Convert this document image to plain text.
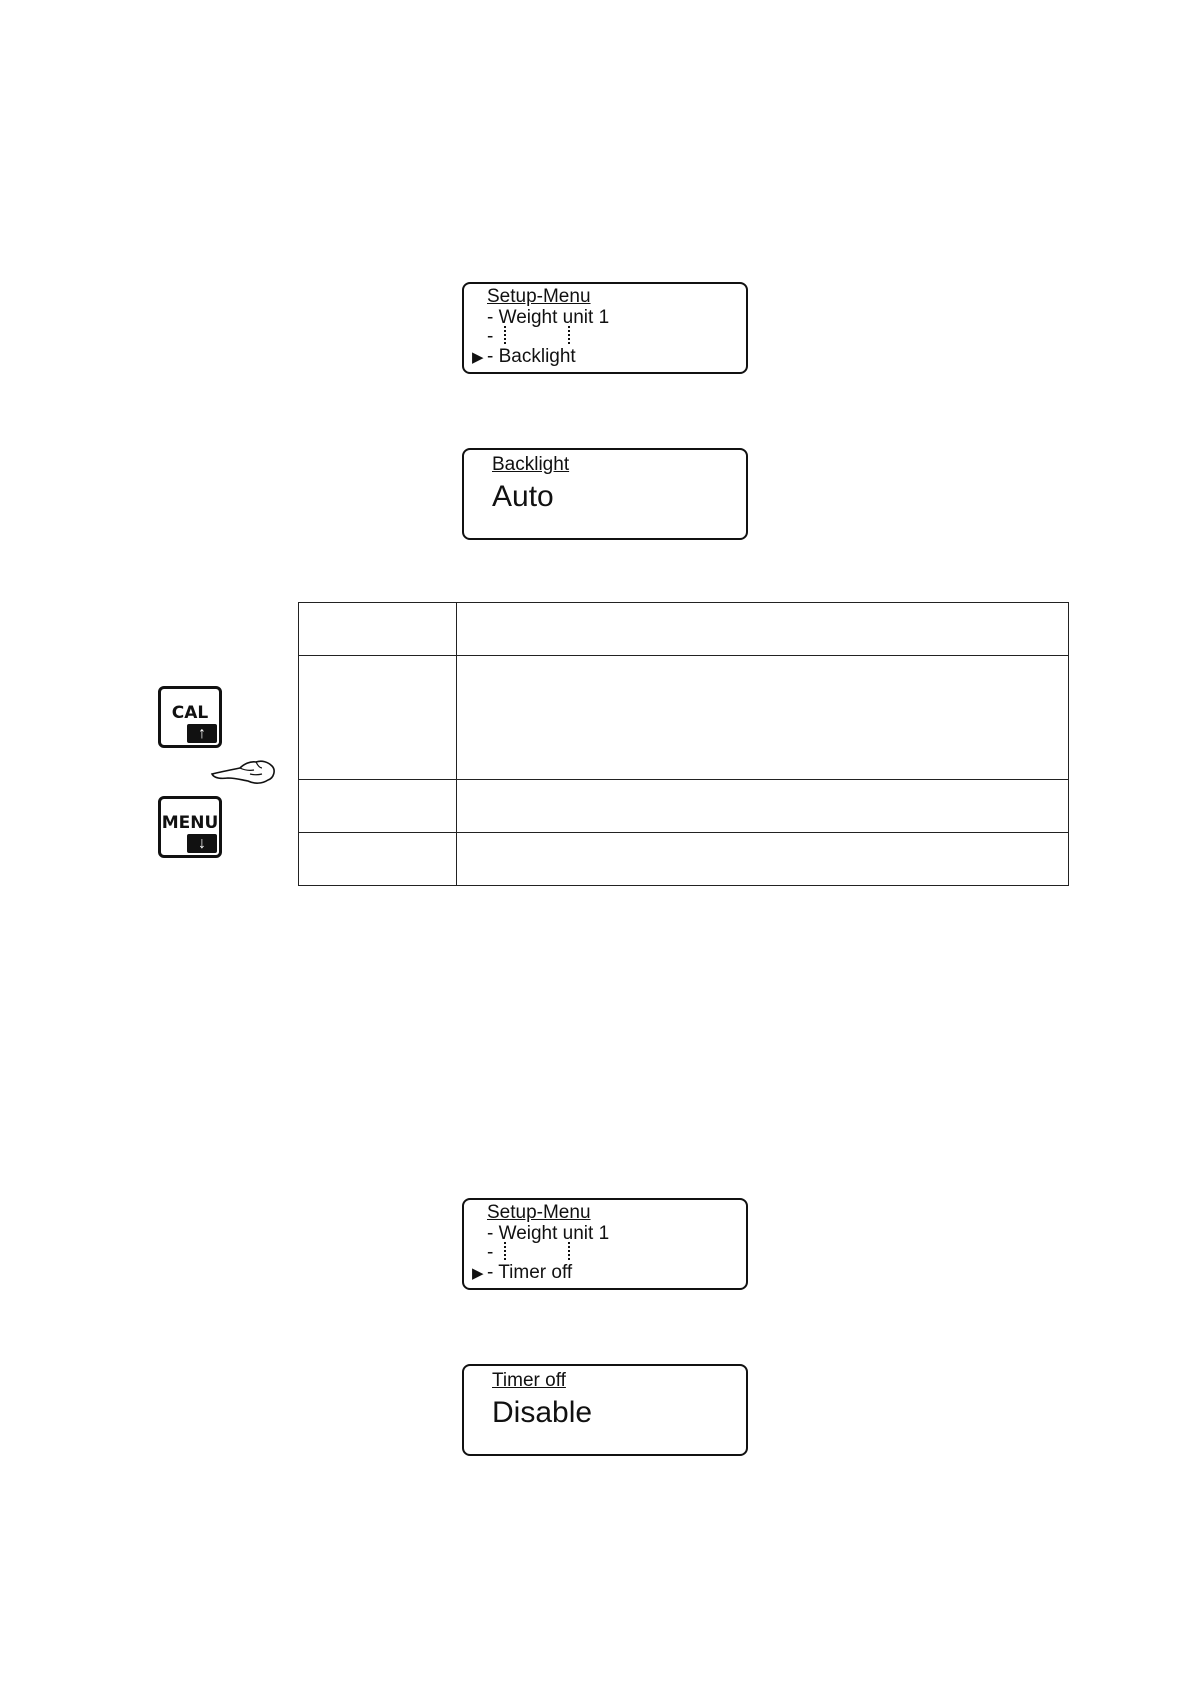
Setup-Menu
- Weight unit 1
-
▶ - Backlight
Backlight
Auto
CAL
↑
MENU
↓

Setup-Menu
- Weight unit 1
-
▶ - Timer off
Timer off
Disable
